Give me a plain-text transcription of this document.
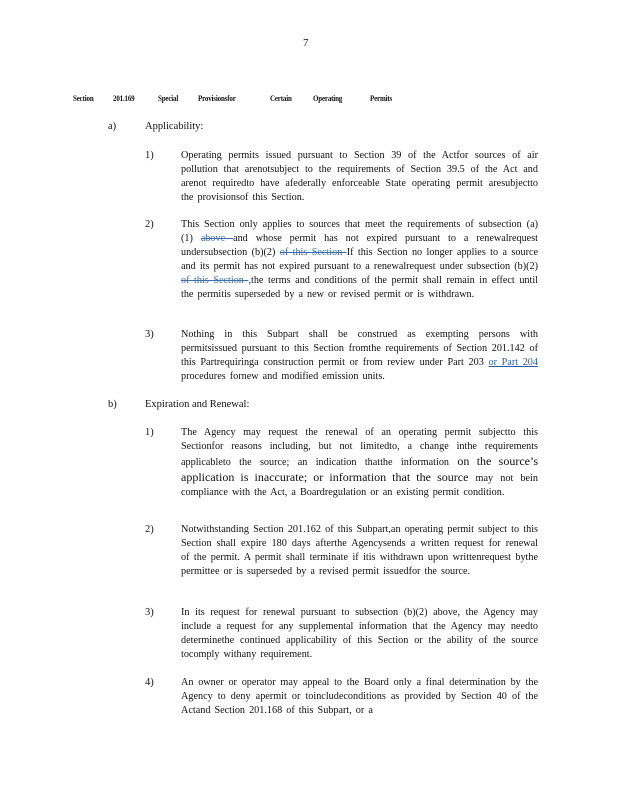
7
Section 201.169	Special Provisionsfor	Certain	Operating	Permits
a)	Applicability:
1)	Operating permits issued pursuant to Section 39 of the Actfor sources of air pollution that arenotsubject to the requirements of Section 39.5 of the Act and arenot requiredto have afederally enforceable State operating permit aresubjectto the provisionsof this Section.
2)	This Section only applies to sources that meet the requirements of subsection (a)(1) above and whose permit has not expired pursuant to a renewalrequest undersubsection (b)(2) of this Section If this Section no longer applies to a source and its permit has not expired pursuant to a renewalrequest under subsection (b)(2) of this Section ,the terms and conditions of the permit shall remain in effect until the permitis superseded by a new or revised permit or is withdrawn.
3)	Nothing in this Subpart shall be construed as exempting persons with permitsissued pursuant to this Section fromthe requirements of Section 201.142 of this Partrequiringa construction permit or from review under Part 203 or Part 204 procedures fornew and modified emission units.
b)	Expiration and Renewal:
1)	The Agency may request the renewal of an operating permit subjectto this Sectionfor reasons including, but not limitedto, a change inthe requirements applicableto the source; an indication thatthe information on the source’s application is inaccurate; or information that the source may not bein compliance with the Act, a Boardregulation or an existing permit condition.
2)	Notwithstanding Section 201.162 of this Subpart,an operating permit subject to this Section shall expire 180 days afterthe Agencysends a written request for renewal of the permit. A permit shall terminate if itis withdrawn upon writtenrequest bythe permittee or is superseded by a revised permit issuedfor the source.
3)	In its request for renewal pursuant to subsection (b)(2) above, the Agency may include a request for any supplemental information that the Agency may needto determinethe continued applicability of this Section or the ability of the source tocomply withany requirement.
4)	An owner or operator may appeal to the Board only a final determination by the Agency to deny apermit or toincludeconditions as provided by Section 40 of the Actand Section 201.168 of this Subpart, or a
